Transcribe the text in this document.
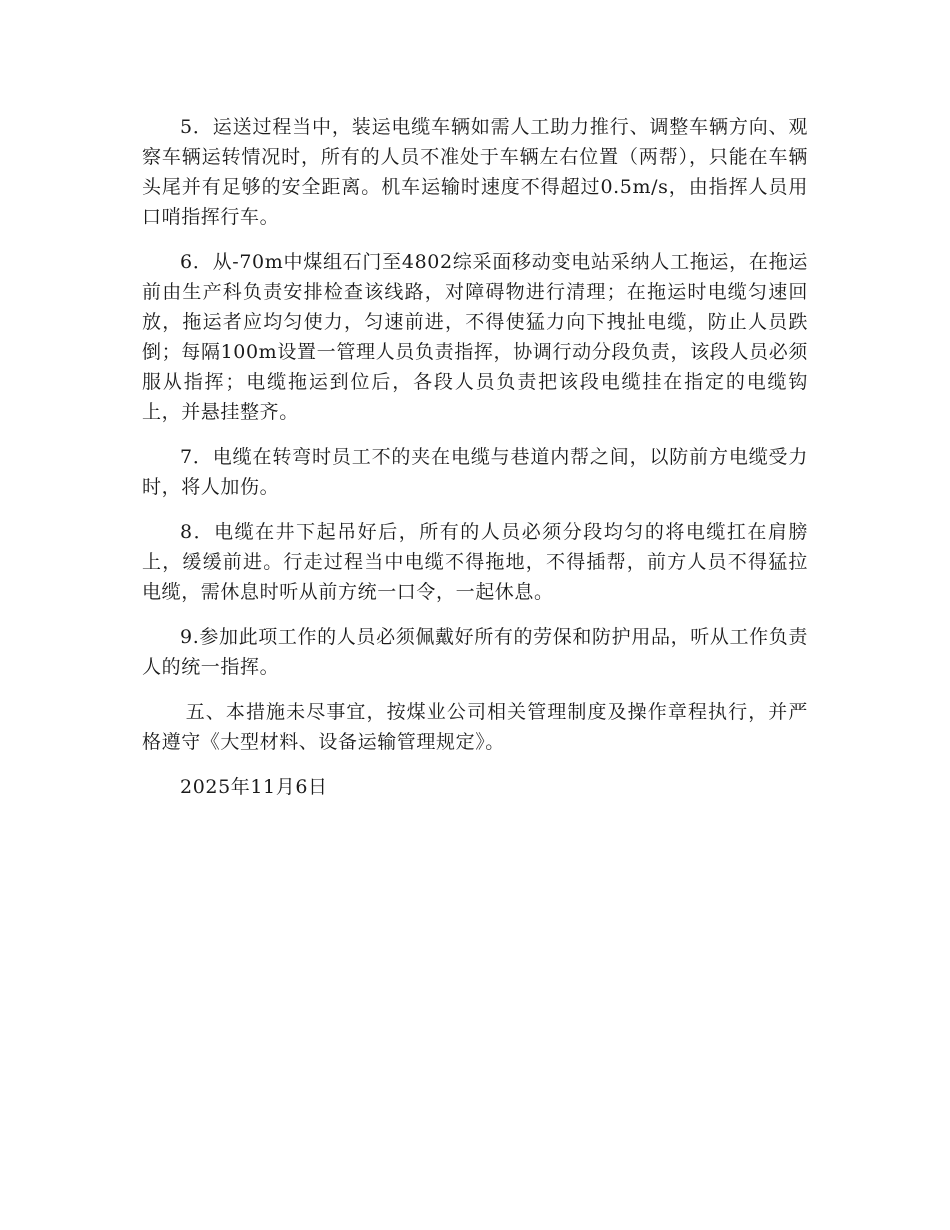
5．运送过程当中，装运电缆车辆如需人工助力推行、调整车辆方向、观察车辆运转情况时，所有的人员不准处于车辆左右位置（两帮），只能在车辆头尾并有足够的安全距离。机车运输时速度不得超过0.5m/s，由指挥人员用口哨指挥行车。

6．从-70m中煤组石门至4802综采面移动变电站采纳人工拖运，在拖运前由生产科负责安排检查该线路，对障碍物进行清理；在拖运时电缆匀速回放，拖运者应均匀使力，匀速前进，不得使猛力向下拽扯电缆，防止人员跌倒；每隔100m设置一管理人员负责指挥，协调行动分段负责，该段人员必须服从指挥；电缆拖运到位后，各段人员负责把该段电缆挂在指定的电缆钩上，并悬挂整齐。

7．电缆在转弯时员工不的夹在电缆与巷道内帮之间，以防前方电缆受力时，将人加伤。

8．电缆在井下起吊好后，所有的人员必须分段均匀的将电缆扛在肩膀上，缓缓前进。行走过程当中电缆不得拖地，不得插帮，前方人员不得猛拉电缆，需休息时听从前方统一口令，一起休息。

9.参加此项工作的人员必须佩戴好所有的劳保和防护用品，听从工作负责人的统一指挥。

五、本措施未尽事宜，按煤业公司相关管理制度及操作章程执行，并严格遵守《大型材料、设备运输管理规定》。

2025年11月6日
